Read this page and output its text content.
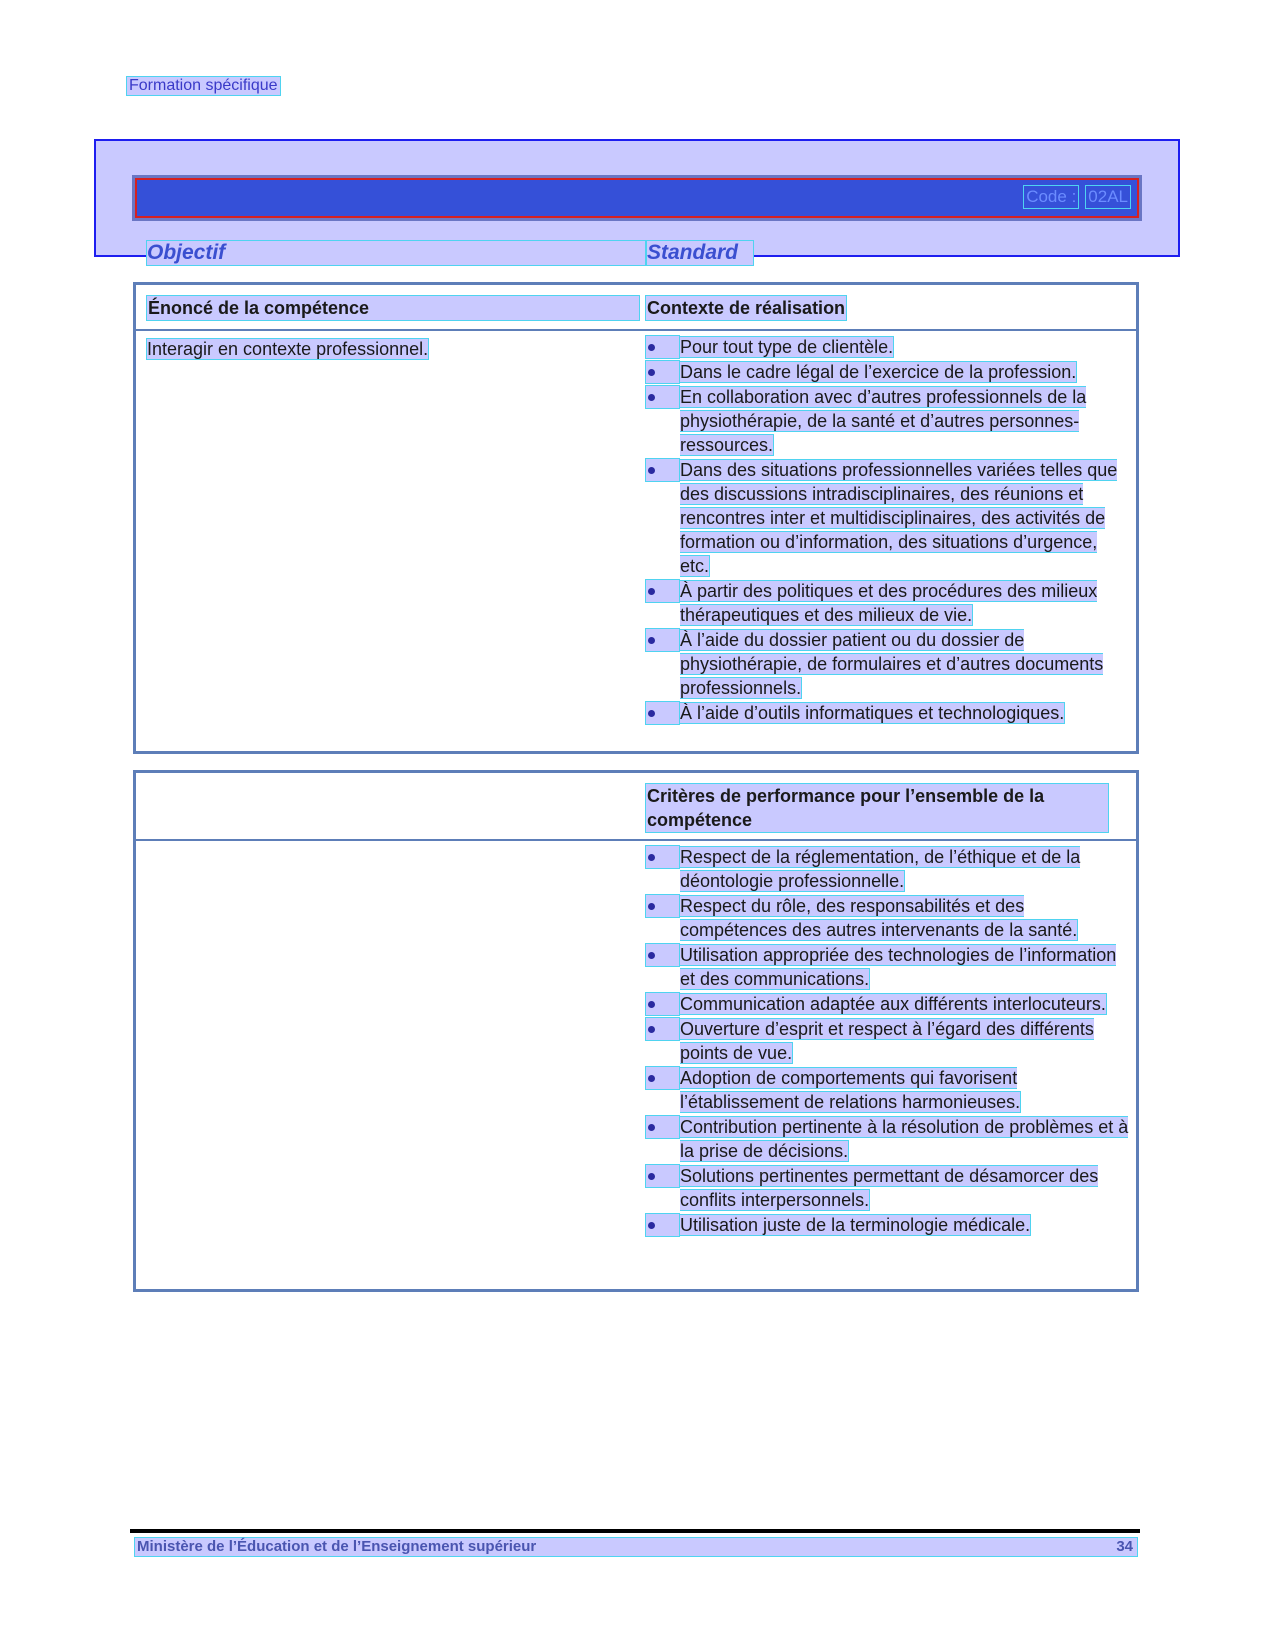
Formation spécifique
Code : 02AL
Objectif	Standard
Énoncé de la compétence	Contexte de réalisation
Interagir en contexte professionnel.	Pour tout type de clientèle.
Dans le cadre légal de l’exercice de la profession.
En collaboration avec d’autres professionnels de la physiothérapie, de la santé et d’autres personnes-ressources.
Dans des situations professionnelles variées telles que des discussions intradisciplinaires, des réunions et rencontres inter et multidisciplinaires, des activités de formation ou d’information, des situations d’urgence, etc.
À partir des politiques et des procédures des milieux thérapeutiques et des milieux de vie.
À l’aide du dossier patient ou du dossier de physiothérapie, de formulaires et d’autres documents professionnels.
À l’aide d’outils informatiques et technologiques.
Critères de performance pour l’ensemble de la compétence
Respect de la réglementation, de l’éthique et de la déontologie professionnelle.
Respect du rôle, des responsabilités et des compétences des autres intervenants de la santé.
Utilisation appropriée des technologies de l’information et des communications.
Communication adaptée aux différents interlocuteurs.
Ouverture d’esprit et respect à l’égard des différents points de vue.
Adoption de comportements qui favorisent l’établissement de relations harmonieuses.
Contribution pertinente à la résolution de problèmes et à la prise de décisions.
Solutions pertinentes permettant de désamorcer des conflits interpersonnels.
Utilisation juste de la terminologie médicale.
Ministère de l’Éducation et de l’Enseignement supérieur	34
